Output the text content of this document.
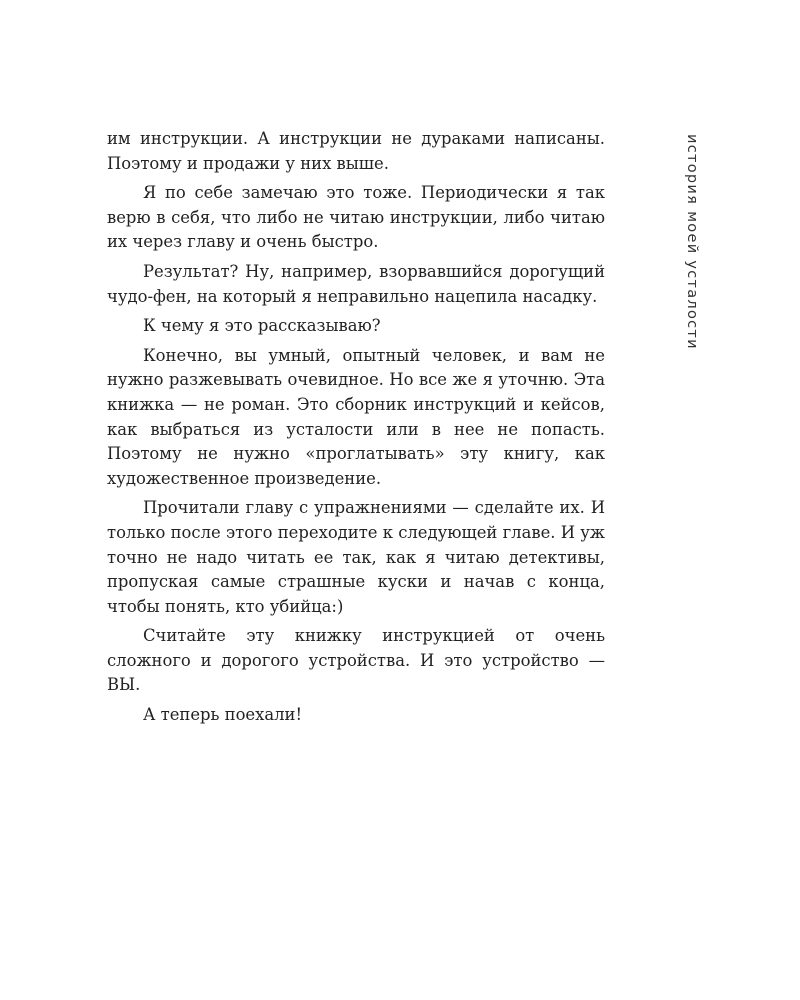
им инструкции. А инструкции не дураками написаны. Поэтому и продажи у них выше.

Я по себе замечаю это тоже. Периодически я так верю в себя, что либо не читаю инструкции, либо читаю их через главу и очень быстро.

Результат? Ну, например, взорвавшийся дорогущий чудо-фен, на который я неправильно нацепила насадку.

К чему я это рассказываю?

Конечно, вы умный, опытный человек, и вам не нужно разжевывать очевидное. Но все же я уточню. Эта книжка — не роман. Это сборник инструкций и кейсов, как выбраться из усталости или в нее не попасть. Поэтому не нужно «проглатывать» эту книгу, как художественное произведение.

Прочитали главу с упражнениями — сделайте их. И только после этого переходите к следующей главе. И уж точно не надо читать ее так, как я читаю детективы, пропуская самые страшные куски и начав с конца, чтобы понять, кто убийца:)

Считайте эту книжку инструкцией от очень сложного и дорогого устройства. И это устройство — ВЫ.

А теперь поехали!

история моей усталости
